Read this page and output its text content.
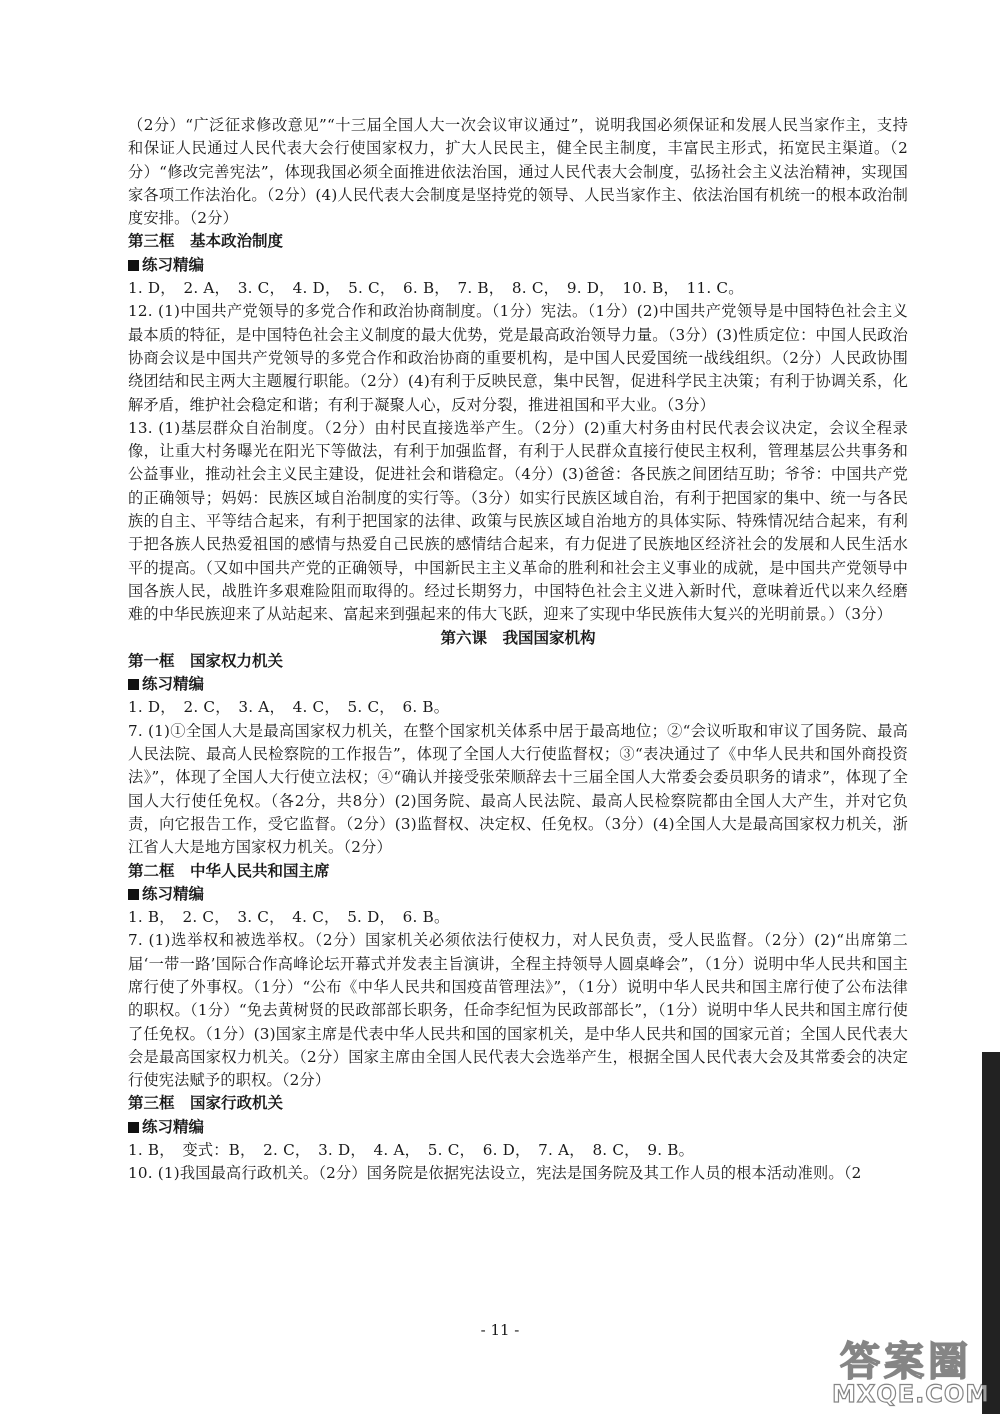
（2分）“广泛征求修改意见”“十三届全国人大一次会议审议通过”，说明我国必须保证和发展人民当家作主，支持和保证人民通过人民代表大会行使国家权力，扩大人民民主，健全民主制度，丰富民主形式，拓宽民主渠道。（2分）“修改完善宪法”，体现我国必须全面推进依法治国，通过人民代表大会制度，弘扬社会主义法治精神，实现国家各项工作法治化。（2分）(4)人民代表大会制度是坚持党的领导、人民当家作主、依法治国有机统一的根本政治制度安排。（2分）

第三框　基本政治制度

练习精编

1. D，　2. A，　3. C，　4. D，　5. C，　6. B，　7. B，　8. C，　9. D，　10. B，　11. C。

12. (1)中国共产党领导的多党合作和政治协商制度。（1分）宪法。（1分）(2)中国共产党领导是中国特色社会主义最本质的特征，是中国特色社会主义制度的最大优势，党是最高政治领导力量。（3分）(3)性质定位：中国人民政治协商会议是中国共产党领导的多党合作和政治协商的重要机构，是中国人民爱国统一战线组织。（2分）人民政协围绕团结和民主两大主题履行职能。（2分）(4)有利于反映民意，集中民智，促进科学民主决策；有利于协调关系，化解矛盾，维护社会稳定和谐；有利于凝聚人心，反对分裂，推进祖国和平大业。（3分）

13. (1)基层群众自治制度。（2分）由村民直接选举产生。（2分）(2)重大村务由村民代表会议决定，会议全程录像，让重大村务曝光在阳光下等做法，有利于加强监督，有利于人民群众直接行使民主权利，管理基层公共事务和公益事业，推动社会主义民主建设，促进社会和谐稳定。（4分）(3)爸爸：各民族之间团结互助；爷爷：中国共产党的正确领导；妈妈：民族区域自治制度的实行等。（3分）如实行民族区域自治，有利于把国家的集中、统一与各民族的自主、平等结合起来，有利于把国家的法律、政策与民族区域自治地方的具体实际、特殊情况结合起来，有利于把各族人民热爱祖国的感情与热爱自己民族的感情结合起来，有力促进了民族地区经济社会的发展和人民生活水平的提高。（又如中国共产党的正确领导，中国新民主主义革命的胜利和社会主义事业的成就，是中国共产党领导中国各族人民，战胜许多艰难险阻而取得的。经过长期努力，中国特色社会主义进入新时代，意味着近代以来久经磨难的中华民族迎来了从站起来、富起来到强起来的伟大飞跃，迎来了实现中华民族伟大复兴的光明前景。）（3分）

第六课　我国国家机构

第一框　国家权力机关

练习精编

1. D，　2. C，　3. A，　4. C，　5. C，　6. B。

7. (1)①全国人大是最高国家权力机关，在整个国家机关体系中居于最高地位；②“会议听取和审议了国务院、最高人民法院、最高人民检察院的工作报告”，体现了全国人大行使监督权；③“表决通过了《中华人民共和国外商投资法》”，体现了全国人大行使立法权；④“确认并接受张荣顺辞去十三届全国人大常委会委员职务的请求”，体现了全国人大行使任免权。（各2分，共8分）(2)国务院、最高人民法院、最高人民检察院都由全国人大产生，并对它负责，向它报告工作，受它监督。（2分）(3)监督权、决定权、任免权。（3分）(4)全国人大是最高国家权力机关，浙江省人大是地方国家权力机关。（2分）

第二框　中华人民共和国主席

练习精编

1. B，　2. C，　3. C，　4. C，　5. D，　6. B。

7. (1)选举权和被选举权。（2分）国家机关必须依法行使权力，对人民负责，受人民监督。（2分）(2)“出席第二届‘一带一路’国际合作高峰论坛开幕式并发表主旨演讲，全程主持领导人圆桌峰会”，（1分）说明中华人民共和国主席行使了外事权。（1分）“公布《中华人民共和国疫苗管理法》”，（1分）说明中华人民共和国主席行使了公布法律的职权。（1分）“免去黄树贤的民政部部长职务，任命李纪恒为民政部部长”，（1分）说明中华人民共和国主席行使了任免权。（1分）(3)国家主席是代表中华人民共和国的国家机关，是中华人民共和国的国家元首；全国人民代表大会是最高国家权力机关。（2分）国家主席由全国人民代表大会选举产生，根据全国人民代表大会及其常委会的决定行使宪法赋予的职权。（2分）

第三框　国家行政机关

练习精编

1. B，　变式：B，　2. C，　3. D，　4. A，　5. C，　6. D，　7. A，　8. C，　9. B。

10. (1)我国最高行政机关。（2分）国务院是依据宪法设立，宪法是国务院及其工作人员的根本活动准则。（2

- 11 -
答案圈
MXQE.COM
